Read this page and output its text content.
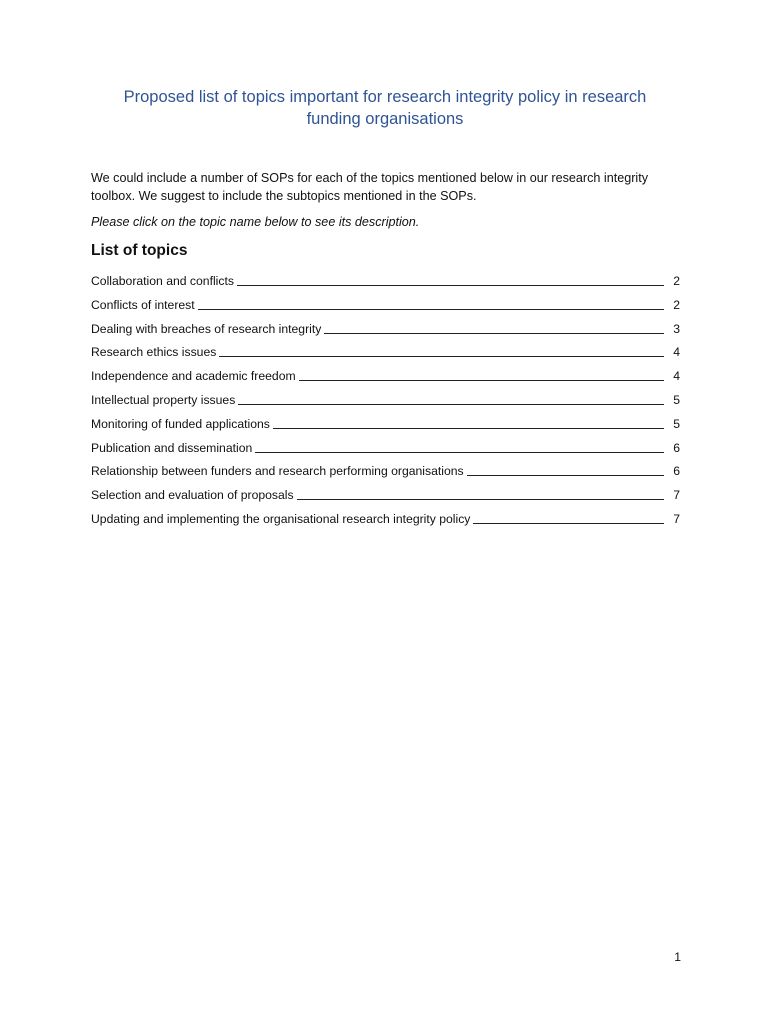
Proposed list of topics important for research integrity policy in research funding organisations

We could include a number of SOPs for each of the topics mentioned below in our research integrity toolbox. We suggest to include the subtopics mentioned in the SOPs.

Please click on the topic name below to see its description.

List of topics
Collaboration and conflicts	2
Conflicts of interest	2
Dealing with breaches of research integrity	3
Research ethics issues	4
Independence and academic freedom	4
Intellectual property issues	5
Monitoring of funded applications	5
Publication and dissemination	6
Relationship between funders and research performing organisations	6
Selection and evaluation of proposals	7
Updating and implementing the organisational research integrity policy	7

1
